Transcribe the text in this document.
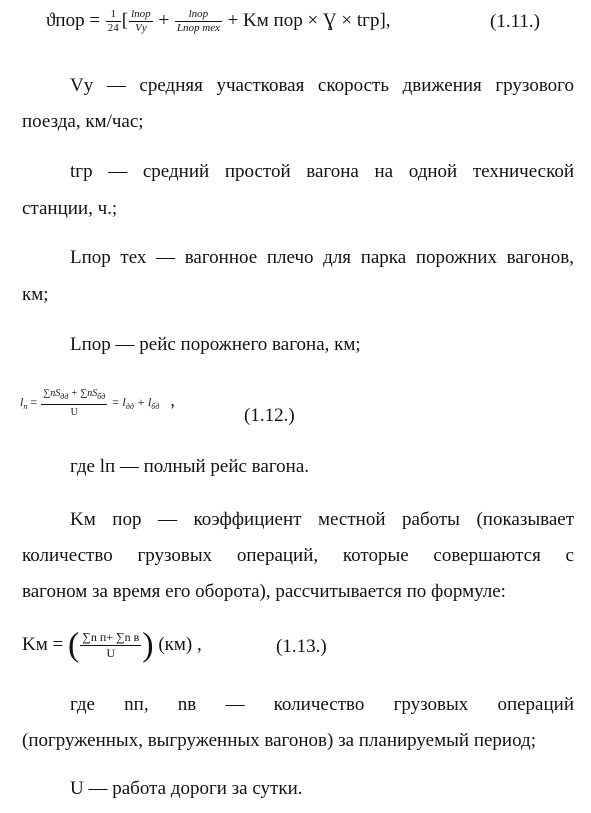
$ϑпор = \frac{1}{24}$ [ $\frac{\text{lпор}}{Vу} + \frac{\text{lпор}}{\text{Lпор тех}}$ + Kм пор × Ɣ × tгр],	(1.11.)
Vу — средняя участковая скорость движения грузового
поезда, км/час;
tгр — средний простой вагона на одной технической
станции, ч.;
Lпор тех — вагонное плечо для парка порожних вагонов,
км;
Lпор — рейс порожнего вагона, км;
$l_п = \frac{\sum nS_{дд} + \sum nS_{бд}}{U} = l_{дд} + l_{бд}$ ,
(1.12.)
где lп — полный рейс вагона.
Kм пор — коэффициент местной работы (показывает
количество грузовых операций, которые совершаются с
вагоном за время его оборота), рассчитывается по формуле:
Kм = ( $\frac{\text{∑n п+ ∑n в}}{U}$ ) (км) ,	(1.13.)
где nп, nв — количество грузовых операций
(погруженных, выгруженных вагонов) за планируемый период;
U — работа дороги за сутки.
